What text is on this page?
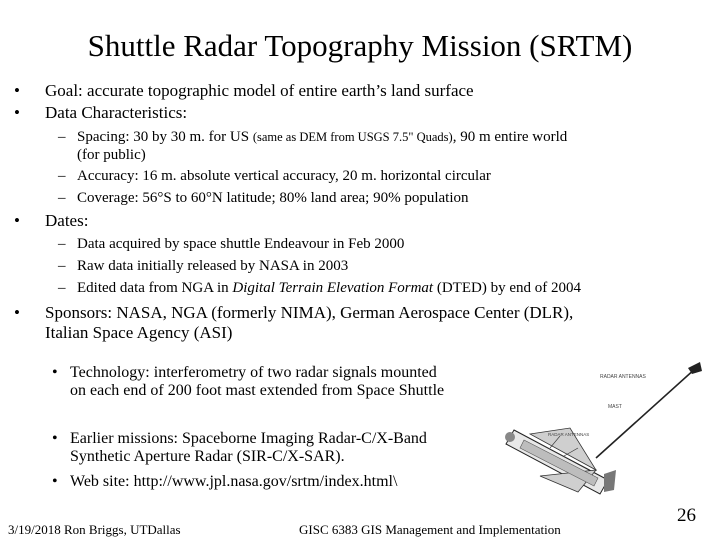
Shuttle Radar Topography Mission (SRTM)
• Goal: accurate topographic model of entire earth’s land surface
• Data Characteristics:
– Spacing: 30 by 30 m. for US (same as DEM from USGS 7.5" Quads), 90 m entire world
(for public)
– Accuracy: 16 m. absolute vertical accuracy, 20 m. horizontal circular
– Coverage: 56°S to 60°N latitude; 80% land area; 90% population
• Dates:
– Data acquired by space shuttle Endeavour in Feb 2000
– Raw data initially released by NASA in 2003
– Edited data from NGA in Digital Terrain Elevation Format (DTED) by end of 2004
• Sponsors: NASA, NGA (formerly NIMA), German Aerospace Center (DLR),
Italian Space Agency (ASI)
• Technology: interferometry of two radar signals mounted on each end of 200 foot mast extended from Space Shuttle
• Earlier missions: Spaceborne Imaging Radar-C/X-Band Synthetic Aperture Radar (SIR-C/X-SAR).
• Web site: http://www.jpl.nasa.gov/srtm/index.html\
RADAR ANTENNAS
MAST
RADAR ANTENNAS
3/19/2018 Ron Briggs, UTDallas	GISC 6383 GIS Management and Implementation
26
